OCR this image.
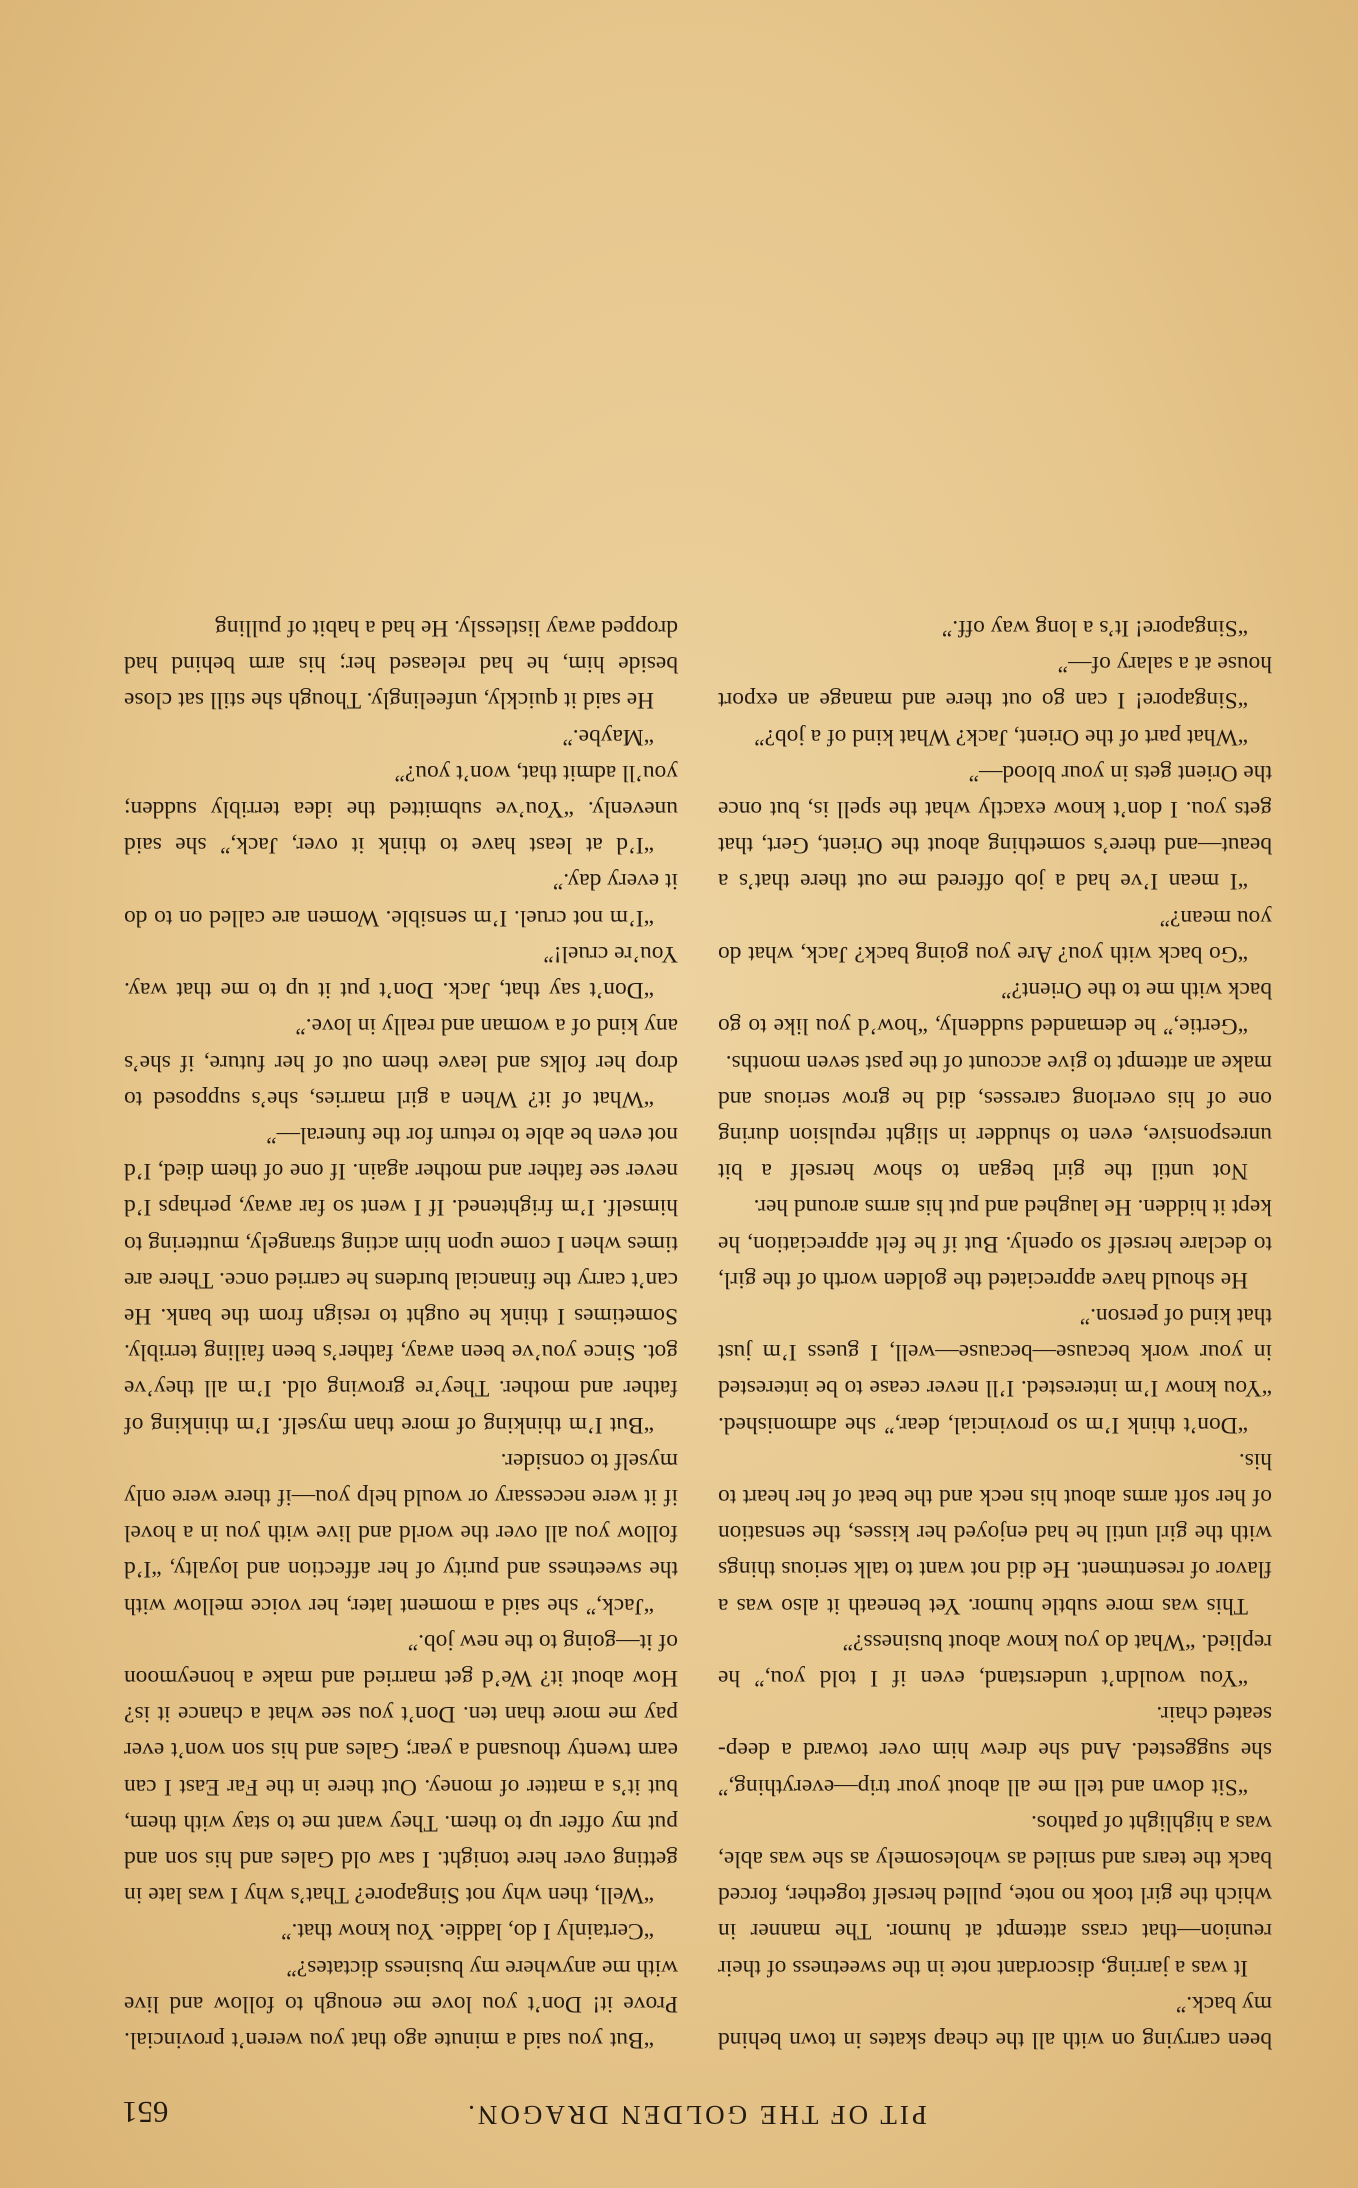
PIT OF THE GOLDEN DRAGON.
651

been carrying on with all the cheap skates in town behind my back.”

It was a jarring, discordant note in the sweetness of their reunion—that crass attempt at humor. The manner in which the girl took no note, pulled herself together, forced back the tears and smiled as wholesomely as she was able, was a highlight of pathos.

“Sit down and tell me all about your trip—everything,” she suggested. And she drew him over toward a deep-seated chair.

“You wouldn’t understand, even if I told you,” he replied. “What do you know about business?”

This was more subtle humor. Yet beneath it also was a flavor of resentment. He did not want to talk serious things with the girl until he had enjoyed her kisses, the sensation of her soft arms about his neck and the beat of her heart to his.

“Don’t think I’m so provincial, dear,” she admonished. “You know I’m interested. I’ll never cease to be interested in your work because—because—well, I guess I’m just that kind of person.”

He should have appreciated the golden worth of the girl, to declare herself so openly. But if he felt appreciation, he kept it hidden. He laughed and put his arms around her.

Not until the girl began to show herself a bit unresponsive, even to shudder in slight repulsion during one of his overlong caresses, did he grow serious and make an attempt to give account of the past seven months.

“Gertie,” he demanded suddenly, “how’d you like to go back with me to the Orient?”

“Go back with you? Are you going back? Jack, what do you mean?”

“I mean I’ve had a job offered me out there that’s a beaut—and there’s something about the Orient, Gert, that gets you. I don’t know exactly what the spell is, but once the Orient gets in your blood—”

“What part of the Orient, Jack? What kind of a job?”

“Singapore! I can go out there and manage an export house at a salary of—”

“Singapore! It’s a long way off.”

“But you said a minute ago that you weren’t provincial. Prove it! Don’t you love me enough to follow and live with me anywhere my business dictates?”

“Certainly I do, laddie. You know that.”

“Well, then why not Singapore? That’s why I was late in getting over here tonight. I saw old Gales and his son and put my offer up to them. They want me to stay with them, but it’s a matter of money. Out there in the Far East I can earn twenty thousand a year; Gales and his son won’t ever pay me more than ten. Don’t you see what a chance it is? How about it? We’d get married and make a honeymoon of it—going to the new job.”

“Jack,” she said a moment later, her voice mellow with the sweetness and purity of her affection and loyalty, “I’d follow you all over the world and live with you in a hovel if it were necessary or would help you—if there were only myself to consider.

“But I’m thinking of more than myself. I’m thinking of father and mother. They’re growing old. I’m all they’ve got. Since you’ve been away, father’s been failing terribly. Sometimes I think he ought to resign from the bank. He can’t carry the financial burdens he carried once. There are times when I come upon him acting strangely, muttering to himself. I’m frightened. If I went so far away, perhaps I’d never see father and mother again. If one of them died, I’d not even be able to return for the funeral—”

“What of it? When a girl marries, she’s supposed to drop her folks and leave them out of her future, if she’s any kind of a woman and really in love.”

“Don’t say that, Jack. Don’t put it up to me that way. You’re cruel!”

“I’m not cruel. I’m sensible. Women are called on to do it every day.”

“I’d at least have to think it over, Jack,” she said unevenly. “You’ve submitted the idea terribly sudden; you’ll admit that, won’t you?”

“Maybe.”

He said it quickly, unfeelingly. Though she still sat close beside him, he had released her; his arm behind had dropped away listlessly. He had a habit of pulling
